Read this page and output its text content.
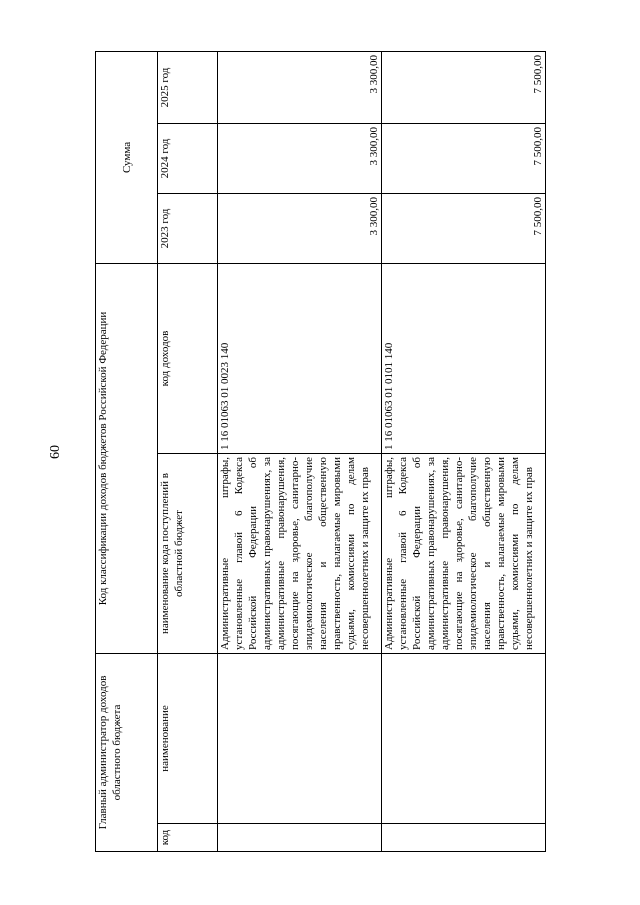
60
Главный администратор доходов областного бюджета		Код классификации доходов бюджетов Российской Федерации		Сумма		
код	наименование	наименование кода поступлений в областной бюджет	код доходов	2023 год	2024 год	2025 год
		Административные штрафы, установленные главой 6 Кодекса Российской Федерации об административных правонарушениях, за административные правонарушения, посягающие на здоровье, санитарно-эпидемиологическое благополучие населения и общественную нравственность, налагаемые мировыми судьями, комиссиями по делам несовершеннолетних и защите их прав	1 16 01063 01 0023 140	3 300,00	3 300,00	3 300,00
		Административные штрафы, установленные главой 6 Кодекса Российской Федерации об административных правонарушениях, за административные правонарушения, посягающие на здоровье, санитарно-эпидемиологическое благополучие населения и общественную нравственность, налагаемые мировыми судьями, комиссиями по делам несовершеннолетних и защите их прав	1 16 01063 01 0101 140	7 500,00	7 500,00	7 500,00
